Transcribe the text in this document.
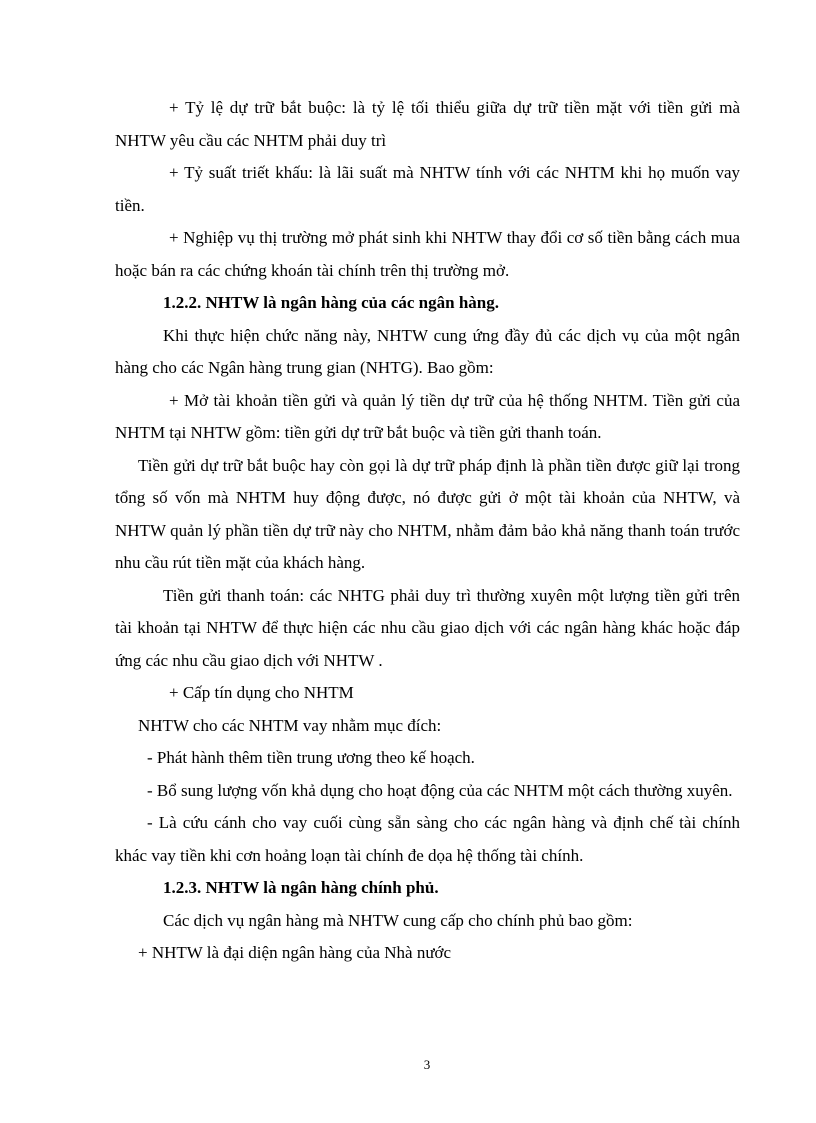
+ Tỷ lệ dự trữ bắt buộc: là tỷ lệ tối thiểu giữa dự trữ tiền mặt với tiền gửi mà NHTW yêu cầu các NHTM phải duy trì

+ Tỷ suất triết khấu: là lãi suất mà NHTW tính với các NHTM khi họ muốn vay tiền.

+ Nghiệp vụ thị trường mở phát sinh khi NHTW thay đổi cơ số tiền bằng cách mua hoặc bán ra các chứng khoán tài chính trên thị trường mở.

1.2.2. NHTW là ngân hàng của các ngân hàng.

Khi thực hiện chức năng này, NHTW cung ứng đầy đủ các dịch vụ của một ngân hàng cho các Ngân hàng trung gian (NHTG). Bao gồm:

+ Mở tài khoản tiền gửi và quản lý tiền dự trữ của hệ thống NHTM. Tiền gửi của NHTM tại NHTW gồm: tiền gửi dự trữ bắt buộc và tiền gửi thanh toán.

Tiền gửi dự trữ bắt buộc hay còn gọi là dự trữ pháp định là phần tiền được giữ lại trong tổng số vốn mà NHTM huy động được, nó được gửi ở một tài khoản của NHTW, và NHTW quản lý phần tiền dự trữ này cho NHTM, nhằm đảm bảo khả năng thanh toán trước nhu cầu rút tiền mặt của khách hàng.

Tiền gửi thanh toán: các NHTG phải duy trì thường xuyên một lượng tiền gửi trên tài khoản tại NHTW để thực hiện các nhu cầu giao dịch với các ngân hàng khác hoặc đáp ứng các nhu cầu giao dịch với NHTW .

+ Cấp tín dụng cho NHTM

NHTW cho các NHTM vay nhằm mục đích:

- Phát hành thêm tiền trung ương theo kế hoạch.

- Bổ sung lượng vốn khả dụng cho hoạt động của các NHTM một cách thường xuyên.

- Là cứu cánh cho vay cuối cùng sẵn sàng cho các ngân hàng và định chế tài chính khác vay tiền khi cơn hoảng loạn tài chính đe dọa hệ thống tài chính.

1.2.3. NHTW là ngân hàng chính phủ.

Các dịch vụ ngân hàng mà NHTW cung cấp cho chính phủ bao gồm:

+ NHTW là đại diện ngân hàng của Nhà nước

3
